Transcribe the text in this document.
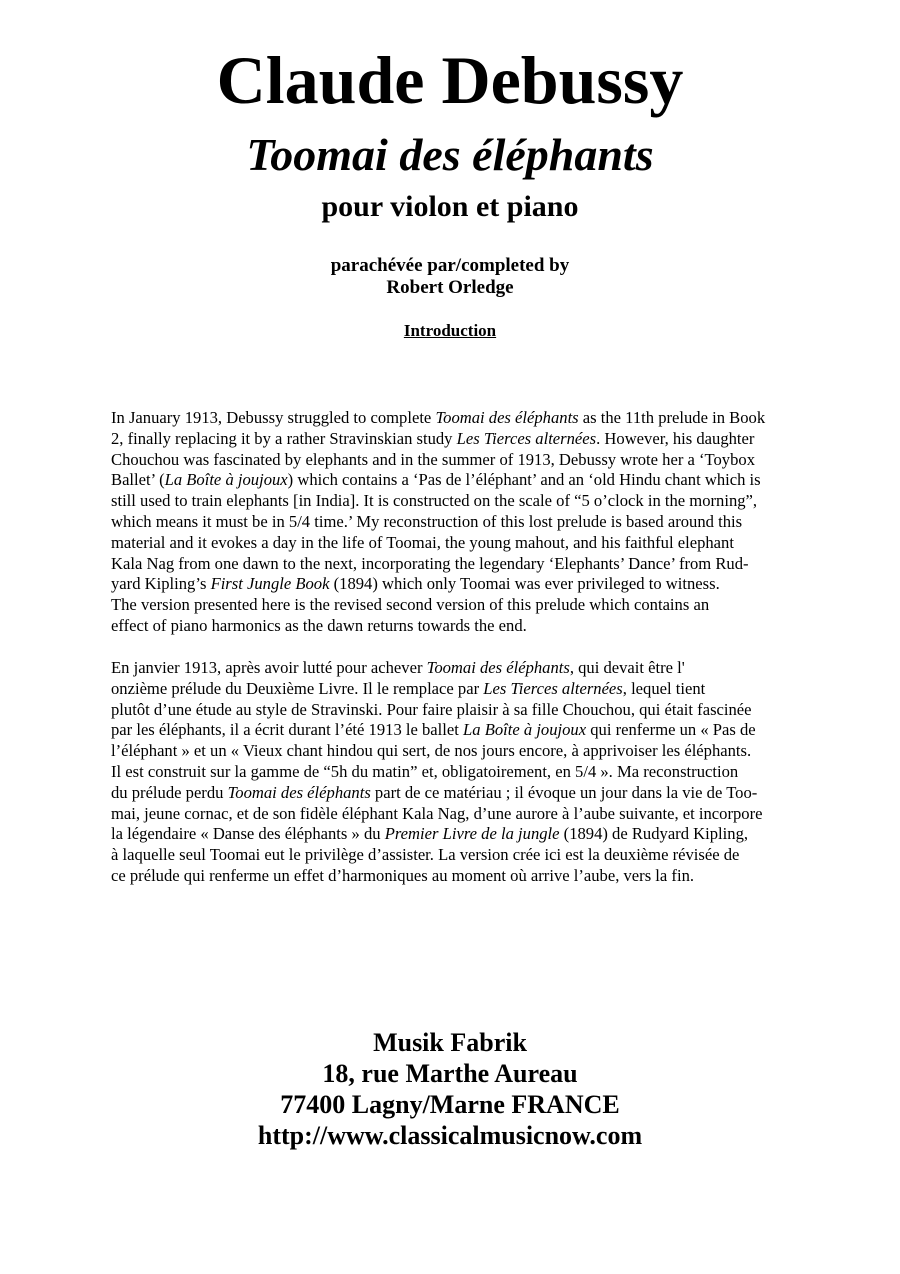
Claude Debussy
Toomai des éléphants
pour violon et piano
parachévée par/completed by
Robert Orledge
Introduction
In January 1913, Debussy struggled to complete Toomai des éléphants as the 11th prelude in Book
2, finally replacing it by a rather Stravinskian study Les Tierces alternées. However, his daughter
Chouchou was fascinated by elephants and in the summer of 1913, Debussy wrote her a ‘Toybox
Ballet’ (La Boîte à joujoux) which contains a ‘Pas de l’éléphant’ and an ‘old Hindu chant which is
still used to train elephants [in India]. It is constructed on the scale of “5 o’clock in the morning”,
which means it must be in 5/4 time.’ My reconstruction of this lost prelude is based around this
material and it evokes a day in the life of Toomai, the young mahout, and his faithful elephant
Kala Nag from one dawn to the next, incorporating the legendary ‘Elephants’ Dance’ from Rud-
yard Kipling’s First Jungle Book (1894) which only Toomai was ever privileged to witness.
The version presented here is the revised second version of this prelude which contains an
effect of piano harmonics as the dawn returns towards the end.
En janvier 1913, après avoir lutté pour achever Toomai des éléphants, qui devait être l'
onzième prélude du Deuxième Livre. Il le remplace par Les Tierces alternées, lequel tient
plutôt d’une étude au style de Stravinski. Pour faire plaisir à sa fille Chouchou, qui était fascinée
par les éléphants, il a écrit durant l’été 1913 le ballet La Boîte à joujoux qui renferme un « Pas de
l’éléphant » et un « Vieux chant hindou qui sert, de nos jours encore, à apprivoiser les éléphants.
Il est construit sur la gamme de “5h du matin” et, obligatoirement, en 5/4 ». Ma reconstruction
du prélude perdu Toomai des éléphants part de ce matériau ; il évoque un jour dans la vie de Too-
mai, jeune cornac, et de son fidèle éléphant Kala Nag, d’une aurore à l’aube suivante, et incorpore
la légendaire « Danse des éléphants » du Premier Livre de la jungle (1894) de Rudyard Kipling,
à laquelle seul Toomai eut le privilège d’assister. La version crée ici est la deuxième révisée de
ce prélude qui renferme un effet d’harmoniques au moment où arrive l’aube, vers la fin.
Musik Fabrik
18, rue Marthe Aureau
77400 Lagny/Marne FRANCE
http://www.classicalmusicnow.com
